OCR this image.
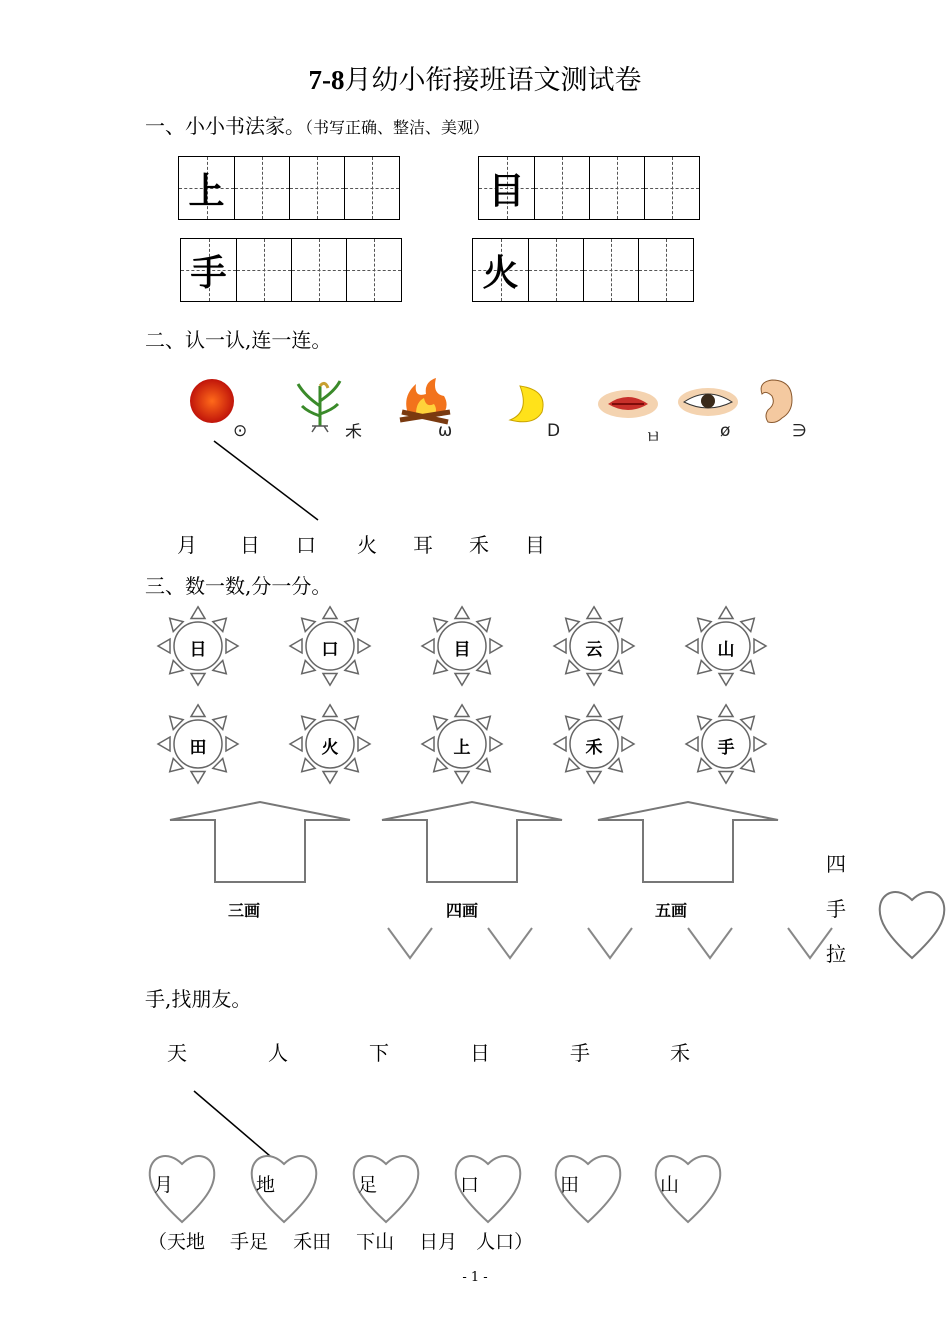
7-8月幼小衔接班语文测试卷
一、小小书法家。（书写正确、整洁、美观）
上	目
手	火
二、认一认,连一连。
⊙	𥝌	ω	D	ㅂ	ø	∋
月 日 口 火 耳 禾 目
三、数一数,分一分。
日	口	目	云	山
田	火	上	禾	手
三画	四画	五画
四
手
拉
手,找朋友。
天	人	下	日	手	禾
月	地	足	口	田	山
（天地　 手足　 禾田　 下山　 日月　人口）
- 1 -
